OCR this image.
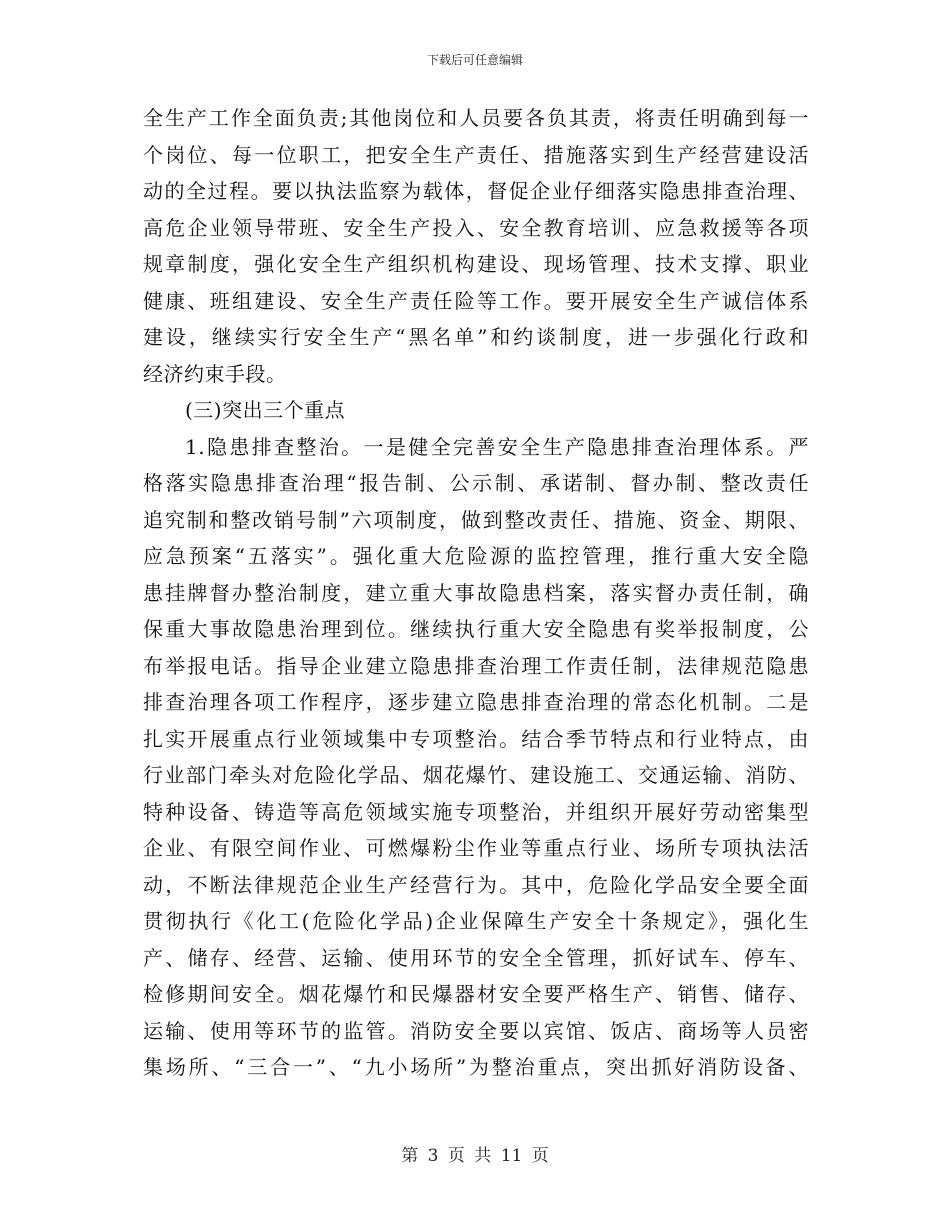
下载后可任意编辑
全生产工作全面负责;其他岗位和人员要各负其责，将责任明确到每一
个岗位、每一位职工，把安全生产责任、措施落实到生产经营建设活
动的全过程。要以执法监察为载体，督促企业仔细落实隐患排查治理、
高危企业领导带班、安全生产投入、安全教育培训、应急救援等各项
规章制度，强化安全生产组织机构建设、现场管理、技术支撑、职业
健康、班组建设、安全生产责任险等工作。要开展安全生产诚信体系
建设，继续实行安全生产“黑名单”和约谈制度，进一步强化行政和
经济约束手段。
(三)突出三个重点
1.隐患排查整治。一是健全完善安全生产隐患排查治理体系。严
格落实隐患排查治理“报告制、公示制、承诺制、督办制、整改责任
追究制和整改销号制”六项制度，做到整改责任、措施、资金、期限、
应急预案“五落实”。强化重大危险源的监控管理，推行重大安全隐
患挂牌督办整治制度，建立重大事故隐患档案，落实督办责任制，确
保重大事故隐患治理到位。继续执行重大安全隐患有奖举报制度，公
布举报电话。指导企业建立隐患排查治理工作责任制，法律规范隐患
排查治理各项工作程序，逐步建立隐患排查治理的常态化机制。二是
扎实开展重点行业领域集中专项整治。结合季节特点和行业特点，由
行业部门牵头对危险化学品、烟花爆竹、建设施工、交通运输、消防、
特种设备、铸造等高危领域实施专项整治，并组织开展好劳动密集型
企业、有限空间作业、可燃爆粉尘作业等重点行业、场所专项执法活
动，不断法律规范企业生产经营行为。其中，危险化学品安全要全面
贯彻执行《化工(危险化学品)企业保障生产安全十条规定》，强化生
产、储存、经营、运输、使用环节的安全全管理，抓好试车、停车、
检修期间安全。烟花爆竹和民爆器材安全要严格生产、销售、储存、
运输、使用等环节的监管。消防安全要以宾馆、饭店、商场等人员密
集场所、“三合一”、“九小场所”为整治重点，突出抓好消防设备、
第 3 页 共 11 页
